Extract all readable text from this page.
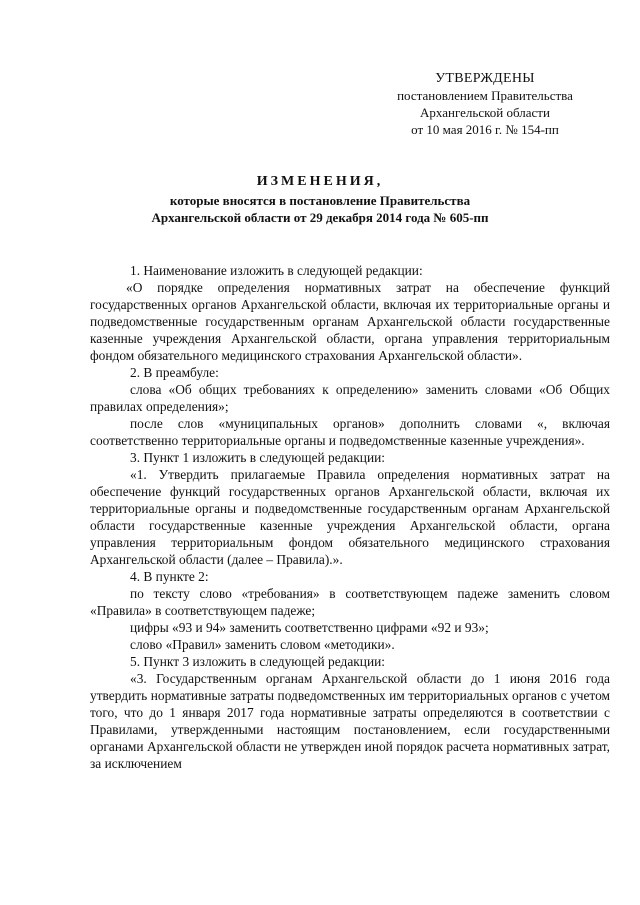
УТВЕРЖДЕНЫ
постановлением Правительства
Архангельской области
от 10 мая 2016 г. № 154-пп
ИЗМЕНЕНИЯ,
которые вносятся в постановление Правительства
Архангельской области от 29 декабря 2014 года № 605-пп

1. Наименование изложить в следующей редакции:

«О порядке определения нормативных затрат на обеспечение функций государственных органов Архангельской области, включая их территориальные органы и подведомственные государственным органам Архангельской области государственные казенные учреждения Архангельской области, органа управления территориальным фондом обязательного медицинского страхования Архангельской области».

2. В преамбуле:

слова «Об общих требованиях к определению» заменить словами «Об Общих правилах определения»;

после слов «муниципальных органов» дополнить словами «, включая соответственно территориальные органы и подведомственные казенные учреждения».

3. Пункт 1 изложить в следующей редакции:

«1. Утвердить прилагаемые Правила определения нормативных затрат на обеспечение функций государственных органов Архангельской области, включая их территориальные органы и подведомственные государственным органам Архангельской области государственные казенные учреждения Архангельской области, органа управления территориальным фондом обязательного медицинского страхования Архангельской области (далее – Правила).».

4. В пункте 2:

по тексту слово «требования» в соответствующем падеже заменить словом «Правила» в соответствующем падеже;

цифры «93 и 94» заменить соответственно цифрами «92 и 93»;

слово «Правил» заменить словом «методики».

5. Пункт 3 изложить в следующей редакции:

«3. Государственным органам Архангельской области до 1 июня 2016 года утвердить нормативные затраты подведомственных им территориальных органов с учетом того, что до 1 января 2017 года нормативные затраты определяются в соответствии с Правилами, утвержденными настоящим постановлением, если государственными органами Архангельской области не утвержден иной порядок расчета нормативных затрат, за исключением
